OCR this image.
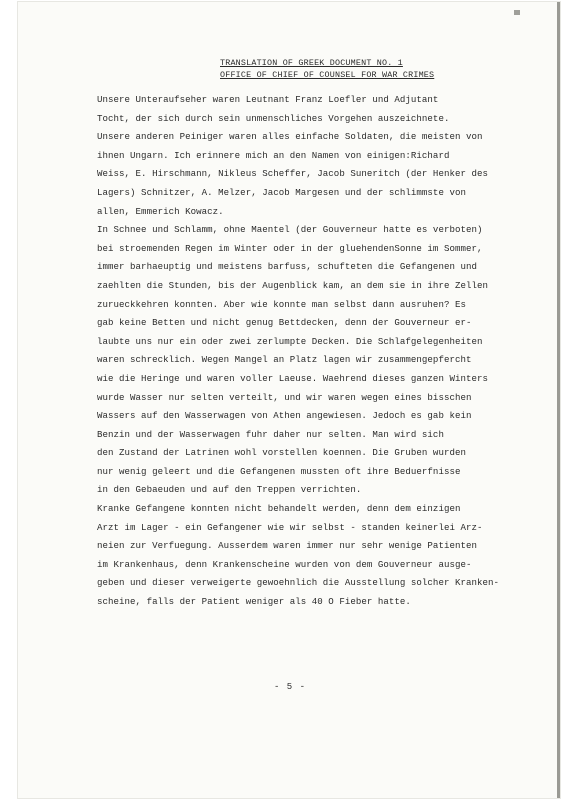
TRANSLATION OF GREEK DOCUMENT NO. 1
OFFICE OF CHIEF OF COUNSEL FOR WAR CRIMES
Unsere Unteraufseher waren Leutnant Franz Loefler und Adjutant
Tocht, der sich durch sein unmenschliches Vorgehen auszeichnete.
Unsere anderen Peiniger waren alles einfache Soldaten, die meisten von
ihnen Ungarn. Ich erinnere mich an den Namen von einigen:Richard
Weiss, E. Hirschmann, Nikleus Scheffer, Jacob Suneritch (der Henker des
Lagers) Schnitzer, A. Melzer, Jacob Margesen und der schlimmste von
allen, Emmerich Kowacz.
In Schnee und Schlamm, ohne Maentel (der Gouverneur hatte es verboten)
bei stroemenden Regen im Winter oder in der gluehendenSonne im Sommer,
immer barhaeuptig und meistens barfuss, schufteten die Gefangenen und
zaehlten die Stunden, bis der Augenblick kam, an dem sie in ihre Zellen
zurueckkehren konnten. Aber wie konnte man selbst dann ausruhen? Es
gab keine Betten und nicht genug Bettdecken, denn der Gouverneur er-
laubte uns nur ein oder zwei zerlumpte Decken. Die Schlafgelegenheiten
waren schrecklich. Wegen Mangel an Platz lagen wir zusammengepfercht
wie die Heringe und waren voller Laeuse. Waehrend dieses ganzen Winters
wurde Wasser nur selten verteilt, und wir waren wegen eines bisschen
Wassers auf den Wasserwagen von Athen angewiesen. Jedoch es gab kein
Benzin und der Wasserwagen fuhr daher nur selten. Man wird sich
den Zustand der Latrinen wohl vorstellen koennen. Die Gruben wurden
nur wenig geleert und die Gefangenen mussten oft ihre Beduerfnisse
in den Gebaeuden und auf den Treppen verrichten.
Kranke Gefangene konnten nicht behandelt werden, denn dem einzigen
Arzt im Lager - ein Gefangener wie wir selbst - standen keinerlei Arz-
neien zur Verfuegung. Ausserdem waren immer nur sehr wenige Patienten
im Krankenhaus, denn Krankenscheine wurden von dem Gouverneur ausge-
geben und dieser verweigerte gewoehnlich die Ausstellung solcher Kranken-
scheine, falls der Patient weniger als 40 O Fieber hatte.
- 5 -
